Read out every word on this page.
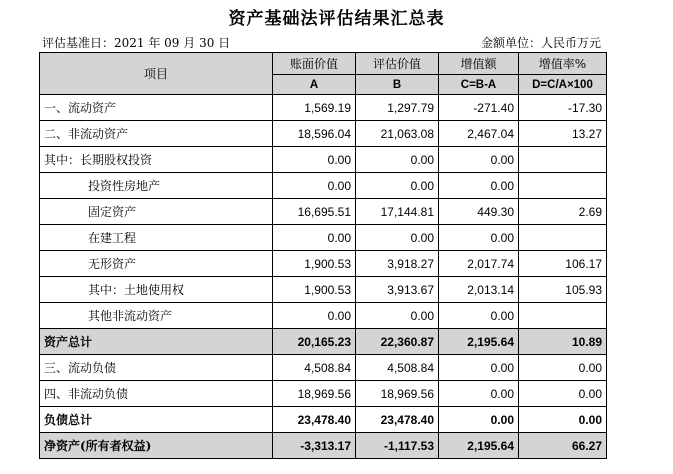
资产基础法评估结果汇总表
评估基准日：2021 年 09 月 30 日	金额单位：人民币万元
项目	账面价值	评估价值	增值额	增值率%
	A	B	C=B-A	D=C/A×100
一、流动资产	1,569.19	1,297.79	-271.40	-17.30
二、非流动资产	18,596.04	21,063.08	2,467.04	13.27
其中：长期股权投资	0.00	0.00	0.00	
投资性房地产	0.00	0.00	0.00	
固定资产	16,695.51	17,144.81	449.30	2.69
在建工程	0.00	0.00	0.00	
无形资产	1,900.53	3,918.27	2,017.74	106.17
其中：土地使用权	1,900.53	3,913.67	2,013.14	105.93
其他非流动资产	0.00	0.00	0.00	
资产总计	20,165.23	22,360.87	2,195.64	10.89
三、流动负债	4,508.84	4,508.84	0.00	0.00
四、非流动负债	18,969.56	18,969.56	0.00	0.00
负债总计	23,478.40	23,478.40	0.00	0.00
净资产(所有者权益)	-3,313.17	-1,117.53	2,195.64	66.27
